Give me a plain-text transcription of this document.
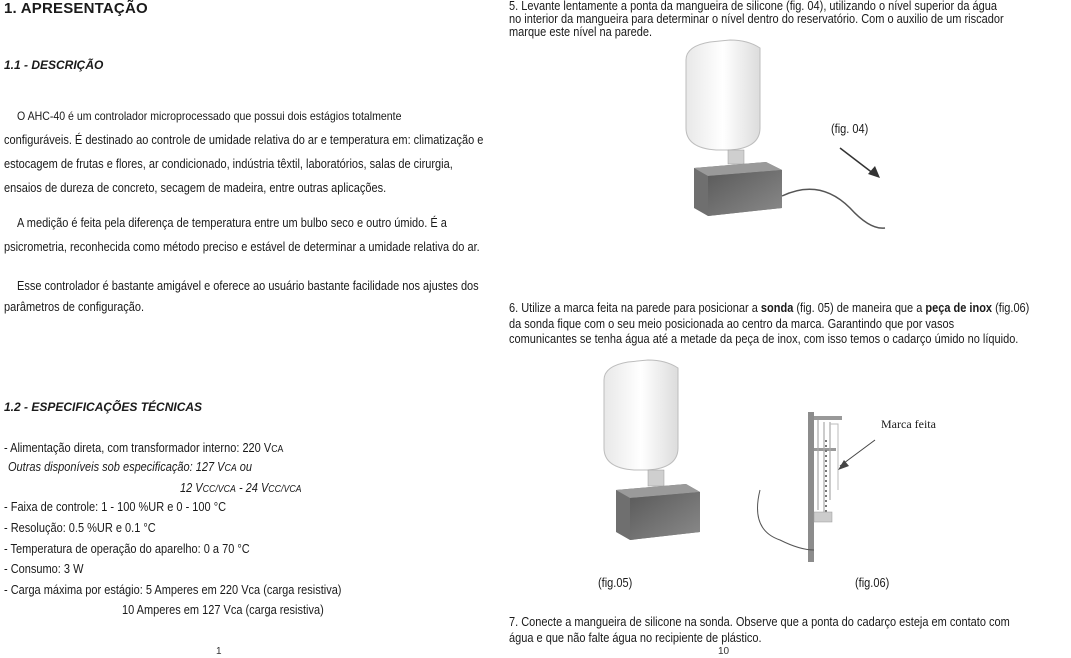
1. APRESENTAÇÃO
1.1 - DESCRIÇÃO
O AHC-40 é um controlador microprocessado que possui dois estágios totalmente
configuráveis. É destinado ao controle de umidade relativa do ar e temperatura em: climatização e
estocagem de frutas e flores, ar condicionado, indústria têxtil, laboratórios, salas de cirurgia,
ensaios de dureza de concreto, secagem de madeira, entre outras aplicações.
A medição é feita pela diferença de temperatura entre um bulbo seco e outro úmido. É a
psicrometria, reconhecida como método preciso e estável de determinar a umidade relativa do ar.
Esse controlador é bastante amigável e oferece ao usuário bastante facilidade nos ajustes dos
parâmetros de configuração.
1.2 - ESPECIFICAÇÕES TÉCNICAS
- Alimentação direta, com transformador interno: 220 VCA
Outras disponíveis sob especificação: 127 VCA ou
12 VCC/VCA - 24 VCC/VCA
- Faixa de controle: 1 - 100 %UR e 0 - 100 °C
- Resolução: 0.5 %UR e 0.1 °C
- Temperatura de operação do aparelho: 0 a 70 °C
- Consumo: 3 W
- Carga máxima por estágio: 5 Amperes em 220 Vca (carga resistiva)
10 Amperes em 127 Vca (carga resistiva)
1
5. Levante lentamente a ponta da mangueira de silicone (fig. 04), utilizando o nível superior da água
no interior da mangueira para determinar o nível dentro do reservatório. Com o auxilio de um riscador
marque este nível na parede.
(fig. 04)
6. Utilize a marca feita na parede para posicionar a sonda (fig. 05) de maneira que a peça de inox (fig.06)
da sonda fique com o seu meio posicionada ao centro da marca. Garantindo que por vasos
comunicantes se tenha água até a metade da peça de inox, com isso temos o cadarço úmido no líquido.
(fig.05)
Marca feita
(fig.06)
7. Conecte a mangueira de silicone na sonda. Observe que a ponta do cadarço esteja em contato com
água e que não falte água no recipiente de plástico.
10
